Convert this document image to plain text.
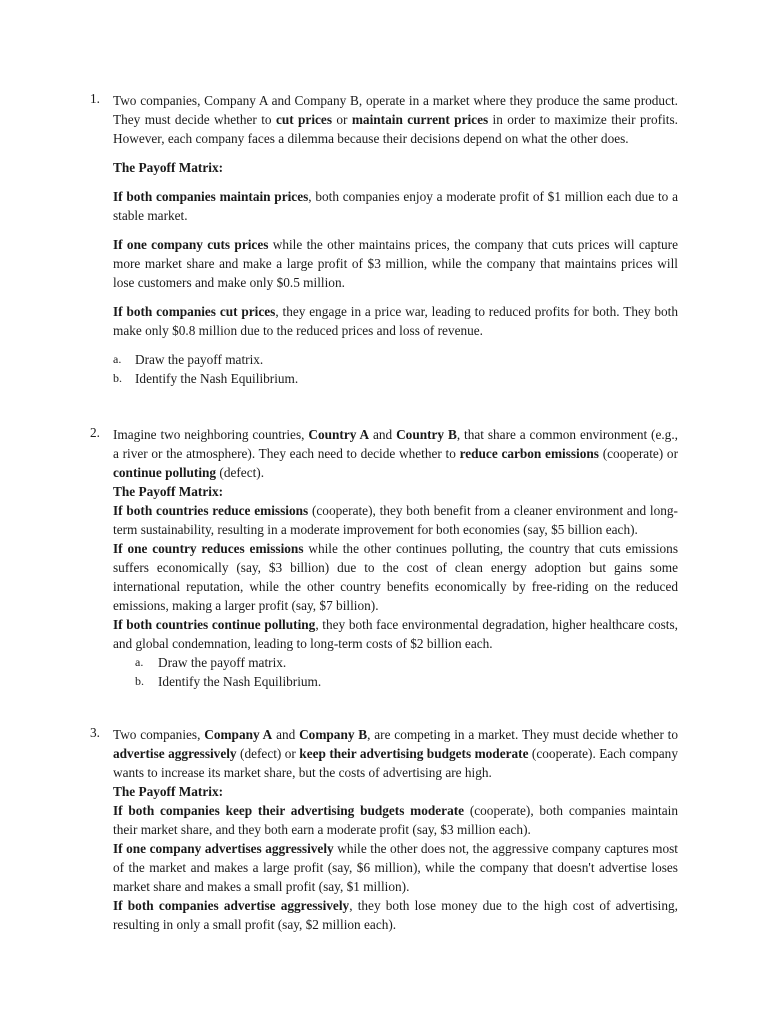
1. Two companies, Company A and Company B, operate in a market where they produce the same product. They must decide whether to cut prices or maintain current prices in order to maximize their profits. However, each company faces a dilemma because their decisions depend on what the other does.

The Payoff Matrix:

If both companies maintain prices, both companies enjoy a moderate profit of $1 million each due to a stable market.

If one company cuts prices while the other maintains prices, the company that cuts prices will capture more market share and make a large profit of $3 million, while the company that maintains prices will lose customers and make only $0.5 million.

If both companies cut prices, they engage in a price war, leading to reduced profits for both. They both make only $0.8 million due to the reduced prices and loss of revenue.

a. Draw the payoff matrix.
b. Identify the Nash Equilibrium.
2. Imagine two neighboring countries, Country A and Country B, that share a common environment (e.g., a river or the atmosphere). They each need to decide whether to reduce carbon emissions (cooperate) or continue polluting (defect).

The Payoff Matrix:

If both countries reduce emissions (cooperate), they both benefit from a cleaner environment and long-term sustainability, resulting in a moderate improvement for both economies (say, $5 billion each).

If one country reduces emissions while the other continues polluting, the country that cuts emissions suffers economically (say, $3 billion) due to the cost of clean energy adoption but gains some international reputation, while the other country benefits economically by free-riding on the reduced emissions, making a larger profit (say, $7 billion).

If both countries continue polluting, they both face environmental degradation, higher healthcare costs, and global condemnation, leading to long-term costs of $2 billion each.

a. Draw the payoff matrix.
b. Identify the Nash Equilibrium.
3. Two companies, Company A and Company B, are competing in a market. They must decide whether to advertise aggressively (defect) or keep their advertising budgets moderate (cooperate). Each company wants to increase its market share, but the costs of advertising are high.

The Payoff Matrix:

If both companies keep their advertising budgets moderate (cooperate), both companies maintain their market share, and they both earn a moderate profit (say, $3 million each).

If one company advertises aggressively while the other does not, the aggressive company captures most of the market and makes a large profit (say, $6 million), while the company that doesn't advertise loses market share and makes a small profit (say, $1 million).

If both companies advertise aggressively, they both lose money due to the high cost of advertising, resulting in only a small profit (say, $2 million each).
